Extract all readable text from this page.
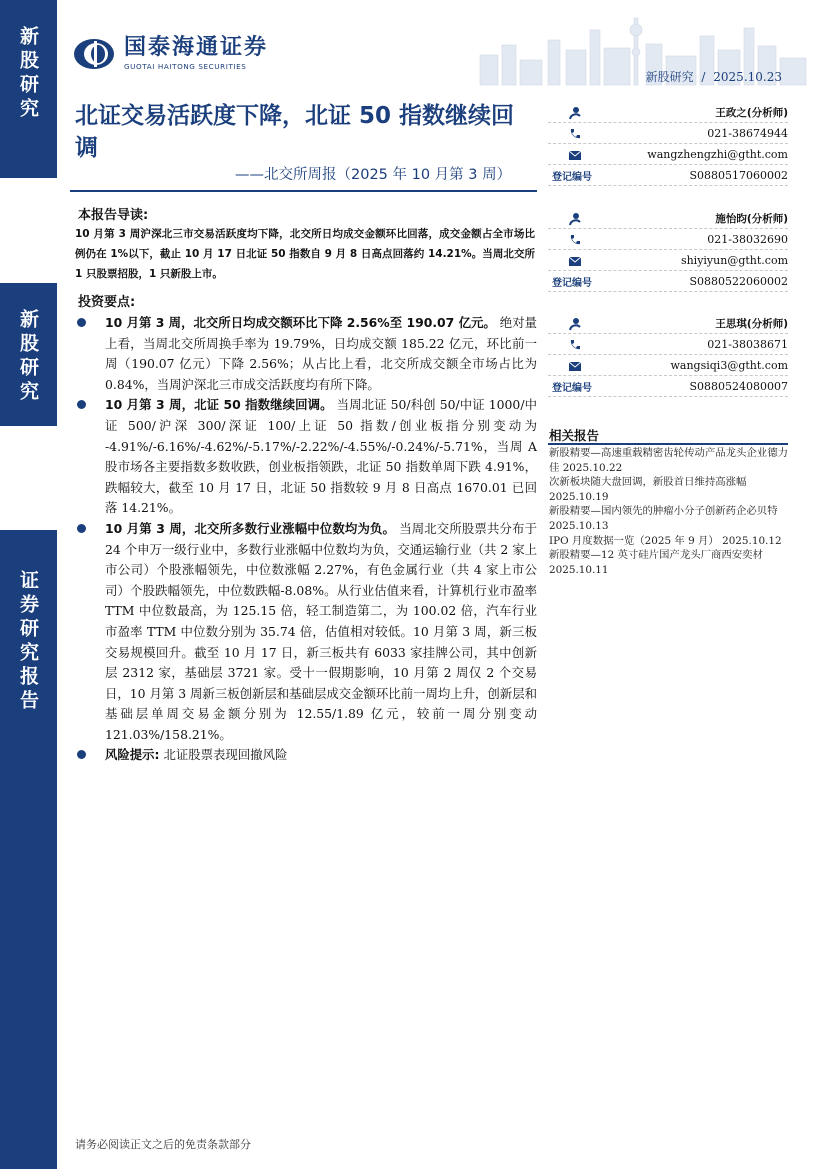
新股研究
新股研究
证券研究报告
国泰海通证券
GUOTAI HAITONG SECURITIES
新股研究 / 2025.10.23
北证交易活跃度下降，北证 50 指数继续回调
——北交所周报（2025 年 10 月第 3 周）
本报告导读:
10 月第 3 周沪深北三市交易活跃度均下降，北交所日均成交金额环比回落，成交金额占全市场比例仍在 1%以下，截止 10 月 17 日北证 50 指数自 9 月 8 日高点回落约 14.21%。当周北交所 1 只股票招股，1 只新股上市。
投资要点:
10 月第 3 周，北交所日均成交额环比下降 2.56%至 190.07 亿元。 绝对量上看，当周北交所周换手率为 19.79%，日均成交额 185.22 亿元，环比前一周（190.07 亿元）下降 2.56%；从占比上看，北交所成交额全市场占比为 0.84%，当周沪深北三市成交活跃度均有所下降。
10 月第 3 周，北证 50 指数继续回调。 当周北证 50/科创 50/中证 1000/中证 500/沪深 300/深证 100/上证 50 指数/创业板指分别变动为 -4.91%/-6.16%/-4.62%/-5.17%/-2.22%/-4.55%/-0.24%/-5.71%，当周 A 股市场各主要指数多数收跌，创业板指领跌，北证 50 指数单周下跌 4.91%，跌幅较大，截至 10 月 17 日，北证 50 指数较 9 月 8 日高点 1670.01 已回落 14.21%。
10 月第 3 周，北交所多数行业涨幅中位数均为负。 当周北交所股票共分布于 24 个申万一级行业中，多数行业涨幅中位数均为负，交通运输行业（共 2 家上市公司）个股涨幅领先，中位数涨幅 2.27%，有色金属行业（共 4 家上市公司）个股跌幅领先，中位数跌幅-8.08%。从行业估值来看，计算机行业市盈率 TTM 中位数最高，为 125.15 倍，轻工制造第二，为 100.02 倍，汽车行业市盈率 TTM 中位数分别为 35.74 倍，估值相对较低。10 月第 3 周，新三板交易规模回升。截至 10 月 17 日，新三板共有 6033 家挂牌公司，其中创新层 2312 家，基础层 3721 家。受十一假期影响，10 月第 2 周仅 2 个交易日，10 月第 3 周新三板创新层和基础层成交金额环比前一周均上升，创新层和基础层单周交易金额分别为 12.55/1.89 亿元，较前一周分别变动 121.03%/158.21%。
风险提示: 北证股票表现回撤风险
王政之(分析师)
021-38674944
wangzhengzhi@gtht.com
登记编号	S0880517060002
施怡昀(分析师)
021-38032690
shiyiyun@gtht.com
登记编号	S0880522060002
王思琪(分析师)
021-38038671
wangsiqi3@gtht.com
登记编号	S0880524080007
相关报告
新股精要—高速重载精密齿轮传动产品龙头企业德力佳 2025.10.22
次新板块随大盘回调，新股首日维持高涨幅 2025.10.19
新股精要—国内领先的肿瘤小分子创新药企必贝特 2025.10.13
IPO 月度数据一览（2025 年 9 月） 2025.10.12
新股精要—12 英寸硅片国产龙头厂商西安奕材 2025.10.11
请务必阅读正文之后的免责条款部分
